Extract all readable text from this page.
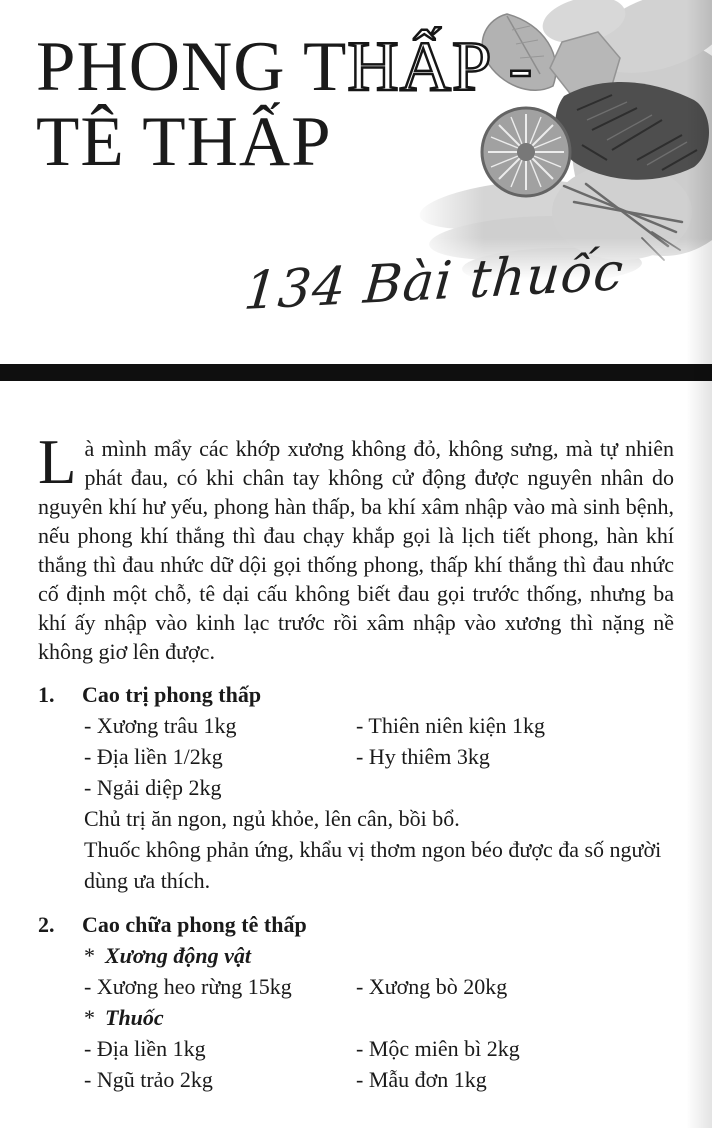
PHONG THẤP -
TÊ THẤP
134 Bài thuốc

Là mình mẩy các khớp xương không đỏ, không sưng, mà tự nhiên phát đau, có khi chân tay không cử động được nguyên nhân do nguyên khí hư yếu, phong hàn thấp, ba khí xâm nhập vào mà sinh bệnh, nếu phong khí thắng thì đau chạy khắp gọi là lịch tiết phong, hàn khí thắng thì đau nhức dữ dội gọi thống phong, thấp khí thắng thì đau nhức cố định một chỗ, tê dại cấu không biết đau gọi trước thống, nhưng ba khí ấy nhập vào kinh lạc trước rồi xâm nhập vào xương thì nặng nề không giơ lên được.

1.	Cao trị phong thấp
- Xương trâu 1kg	- Thiên niên kiện 1kg
- Địa liền 1/2kg	- Hy thiêm 3kg
- Ngải diệp 2kg

Chủ trị ăn ngon, ngủ khỏe, lên cân, bồi bổ.

Thuốc không phản ứng, khẩu vị thơm ngon béo được đa số người dùng ưa thích.

2.	Cao chữa phong tê thấp
* Xương động vật
- Xương heo rừng 15kg	- Xương bò 20kg
* Thuốc
- Địa liền 1kg	- Mộc miên bì 2kg
- Ngũ trảo 2kg	- Mẫu đơn 1kg
